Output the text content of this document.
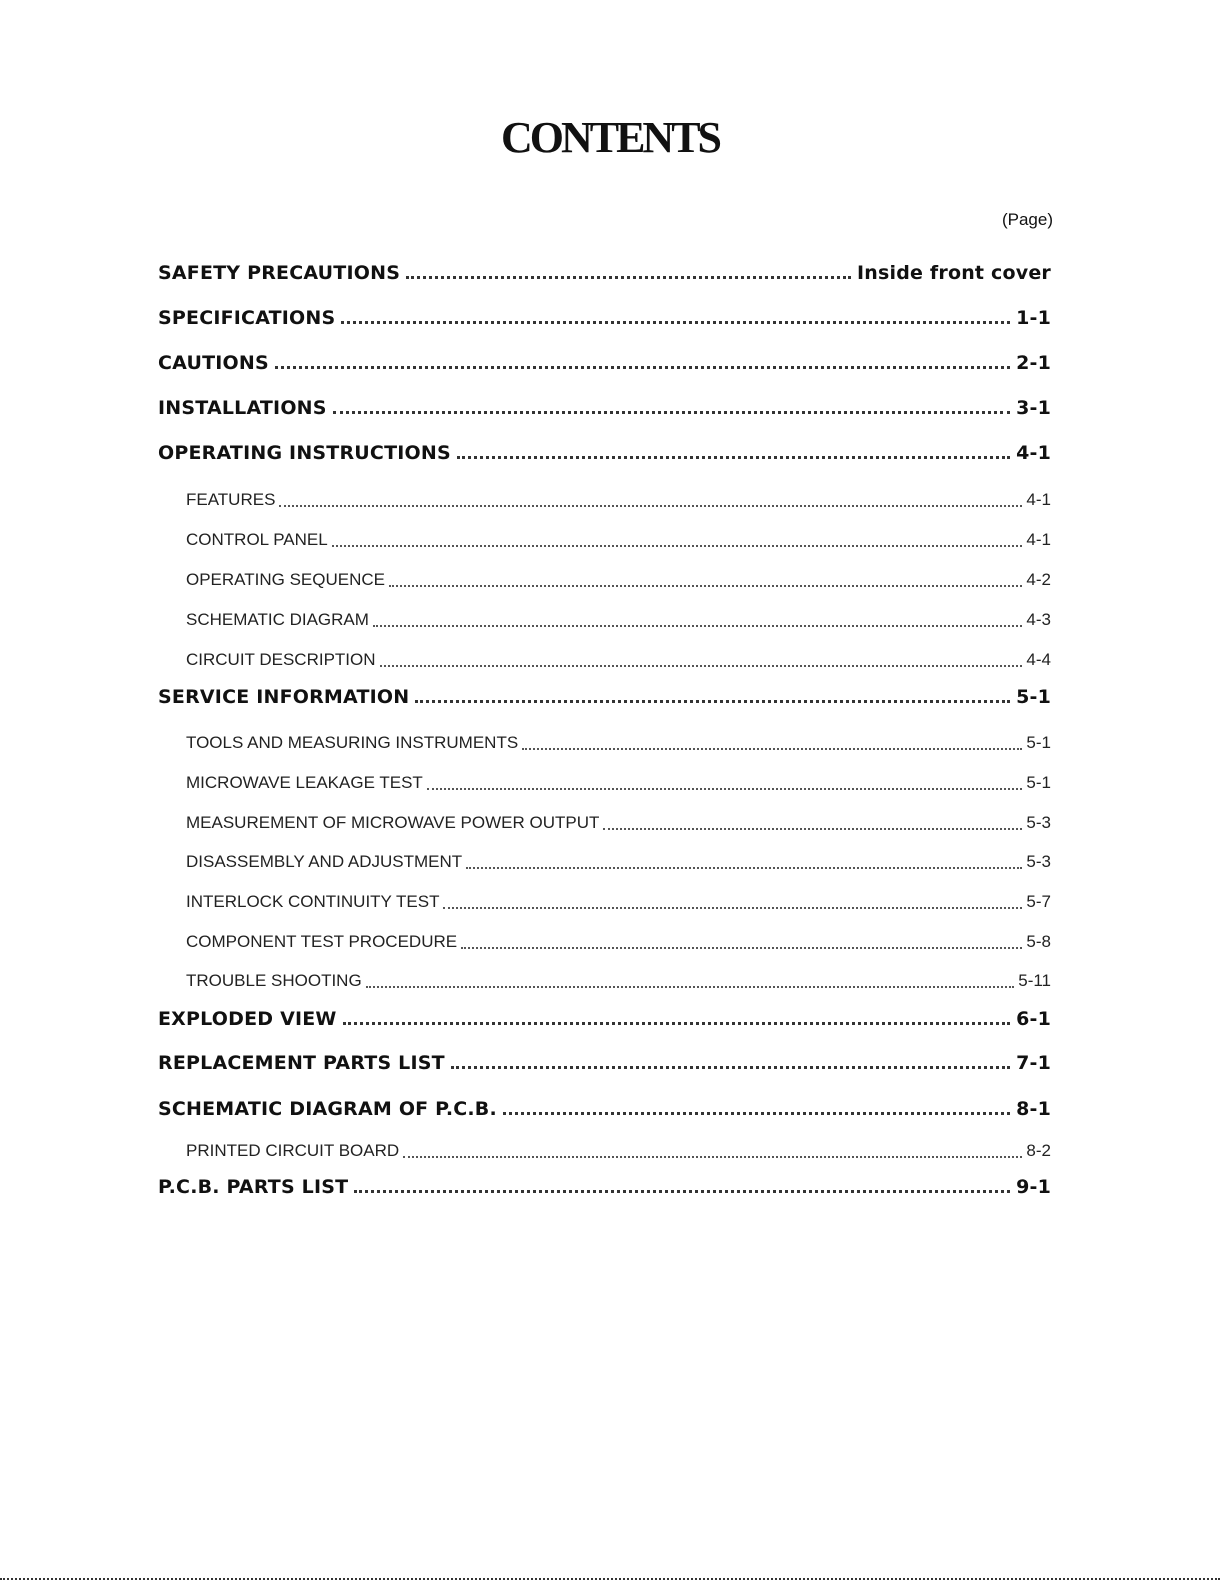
CONTENTS
(Page)
SAFETY PRECAUTIONS	Inside front cover
SPECIFICATIONS	1-1
CAUTIONS	2-1
INSTALLATIONS	3-1
OPERATING INSTRUCTIONS	4-1
FEATURES	4-1
CONTROL PANEL	4-1
OPERATING SEQUENCE	4-2
SCHEMATIC DIAGRAM	4-3
CIRCUIT DESCRIPTION	4-4
SERVICE INFORMATION	5-1
TOOLS AND MEASURING INSTRUMENTS	5-1
MICROWAVE LEAKAGE TEST	5-1
MEASUREMENT OF MICROWAVE POWER OUTPUT	5-3
DISASSEMBLY AND ADJUSTMENT	5-3
INTERLOCK CONTINUITY TEST	5-7
COMPONENT TEST PROCEDURE	5-8
TROUBLE SHOOTING	5-11
EXPLODED VIEW	6-1
REPLACEMENT PARTS LIST	7-1
SCHEMATIC DIAGRAM OF P.C.B.	8-1
PRINTED CIRCUIT BOARD	8-2
P.C.B. PARTS LIST	9-1
